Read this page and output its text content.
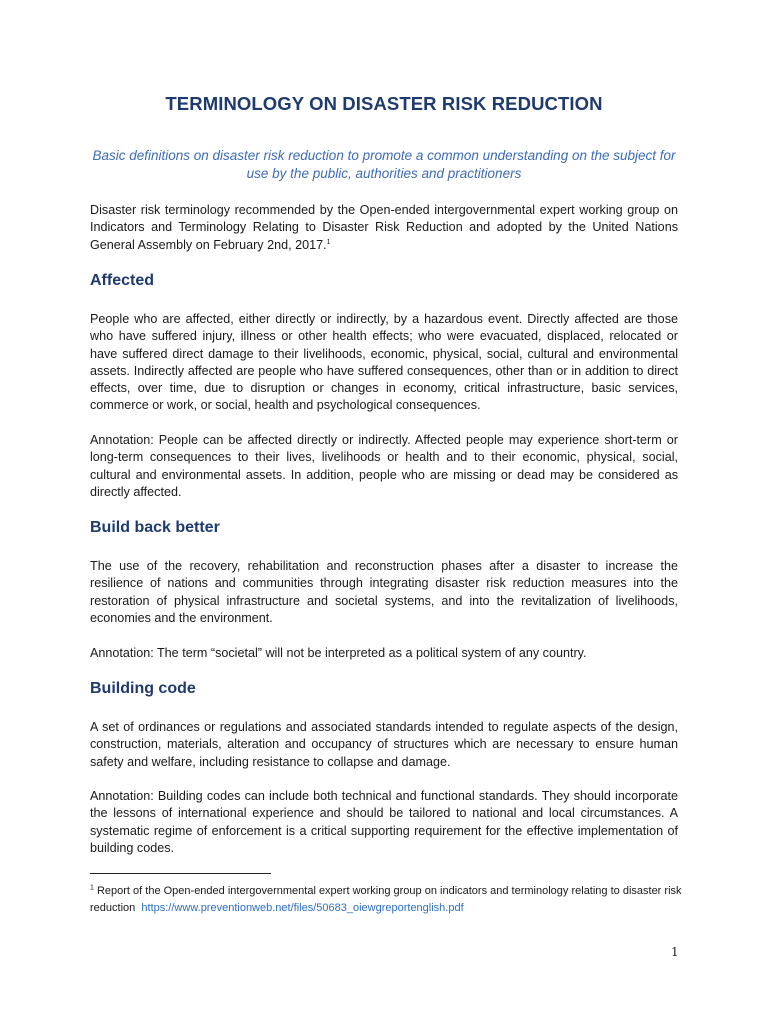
TERMINOLOGY ON DISASTER RISK REDUCTION
Basic definitions on disaster risk reduction to promote a common understanding on the subject for use by the public, authorities and practitioners
Disaster risk terminology recommended by the Open-ended intergovernmental expert working group on Indicators and Terminology Relating to Disaster Risk Reduction and adopted by the United Nations General Assembly on February 2nd, 2017.$^1$
Affected
People who are affected, either directly or indirectly, by a hazardous event. Directly affected are those who have suffered injury, illness or other health effects; who were evacuated, displaced, relocated or have suffered direct damage to their livelihoods, economic, physical, social, cultural and environmental assets. Indirectly affected are people who have suffered consequences, other than or in addition to direct effects, over time, due to disruption or changes in economy, critical infrastructure, basic services, commerce or work, or social, health and psychological consequences.
Annotation: People can be affected directly or indirectly. Affected people may experience short-term or long-term consequences to their lives, livelihoods or health and to their economic, physical, social, cultural and environmental assets. In addition, people who are missing or dead may be considered as directly affected.
Build back better
The use of the recovery, rehabilitation and reconstruction phases after a disaster to increase the resilience of nations and communities through integrating disaster risk reduction measures into the restoration of physical infrastructure and societal systems, and into the revitalization of livelihoods, economies and the environment.
Annotation: The term “societal” will not be interpreted as a political system of any country.
Building code
A set of ordinances or regulations and associated standards intended to regulate aspects of the design, construction, materials, alteration and occupancy of structures which are necessary to ensure human safety and welfare, including resistance to collapse and damage.
Annotation: Building codes can include both technical and functional standards. They should incorporate the lessons of international experience and should be tailored to national and local circumstances. A systematic regime of enforcement is a critical supporting requirement for the effective implementation of building codes.
$^1$ Report of the Open-ended intergovernmental expert working group on indicators and terminology relating to disaster risk reduction https://www.preventionweb.net/files/50683_oiewgreportenglish.pdf
1
